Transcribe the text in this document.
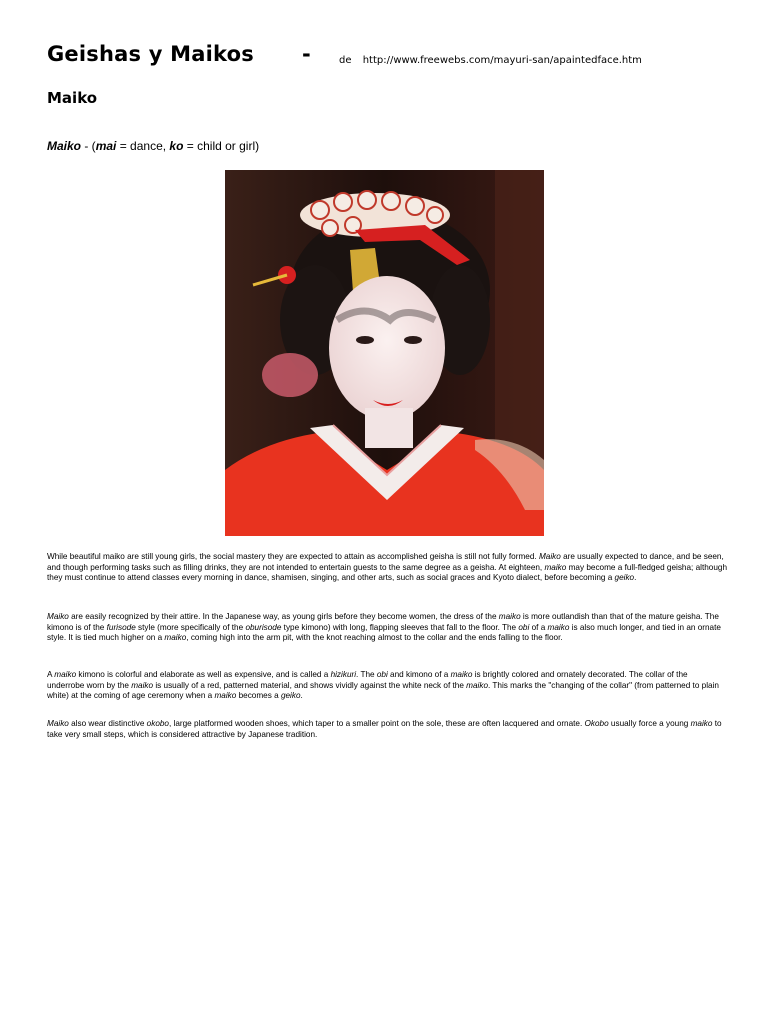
Geishas y Maikos -	de http://www.freewebs.com/mayuri-san/apaintedface.htm
Maiko
Maiko - (mai = dance, ko = child or girl)

While beautiful maiko are still young girls, the social mastery they are expected to attain as accomplished geisha is still not fully formed. Maiko are usually expected to dance, and be seen, and though performing tasks such as filling drinks, they are not intended to entertain guests to the same degree as a geisha. At eighteen, maiko may become a full-fledged geisha; although they must continue to attend classes every morning in dance, shamisen, singing, and other arts, such as social graces and Kyoto dialect, before becoming a geiko.

Maiko are easily recognized by their attire. In the Japanese way, as young girls before they become women, the dress of the maiko is more outlandish than that of the mature geisha. The kimono is of the furisode style (more specifically of the oburisode type kimono) with long, flapping sleeves that fall to the floor. The obi of a maiko is also much longer, and tied in an ornate style. It is tied much higher on a maiko, coming high into the arm pit, with the knot reaching almost to the collar and the ends falling to the floor.

A maiko kimono is colorful and elaborate as well as expensive, and is called a hizikuri. The obi and kimono of a maiko is brightly colored and ornately decorated. The collar of the underrobe worn by the maiko is usually of a red, patterned material, and shows vividly against the white neck of the maiko. This marks the "changing of the collar" (from patterned to plain white) at the coming of age ceremony when a maiko becomes a geiko.

Maiko also wear distinctive okobo, large platformed wooden shoes, which taper to a smaller point on the sole, these are often lacquered and ornate. Okobo usually force a young maiko to take very small steps, which is considered attractive by Japanese tradition.
